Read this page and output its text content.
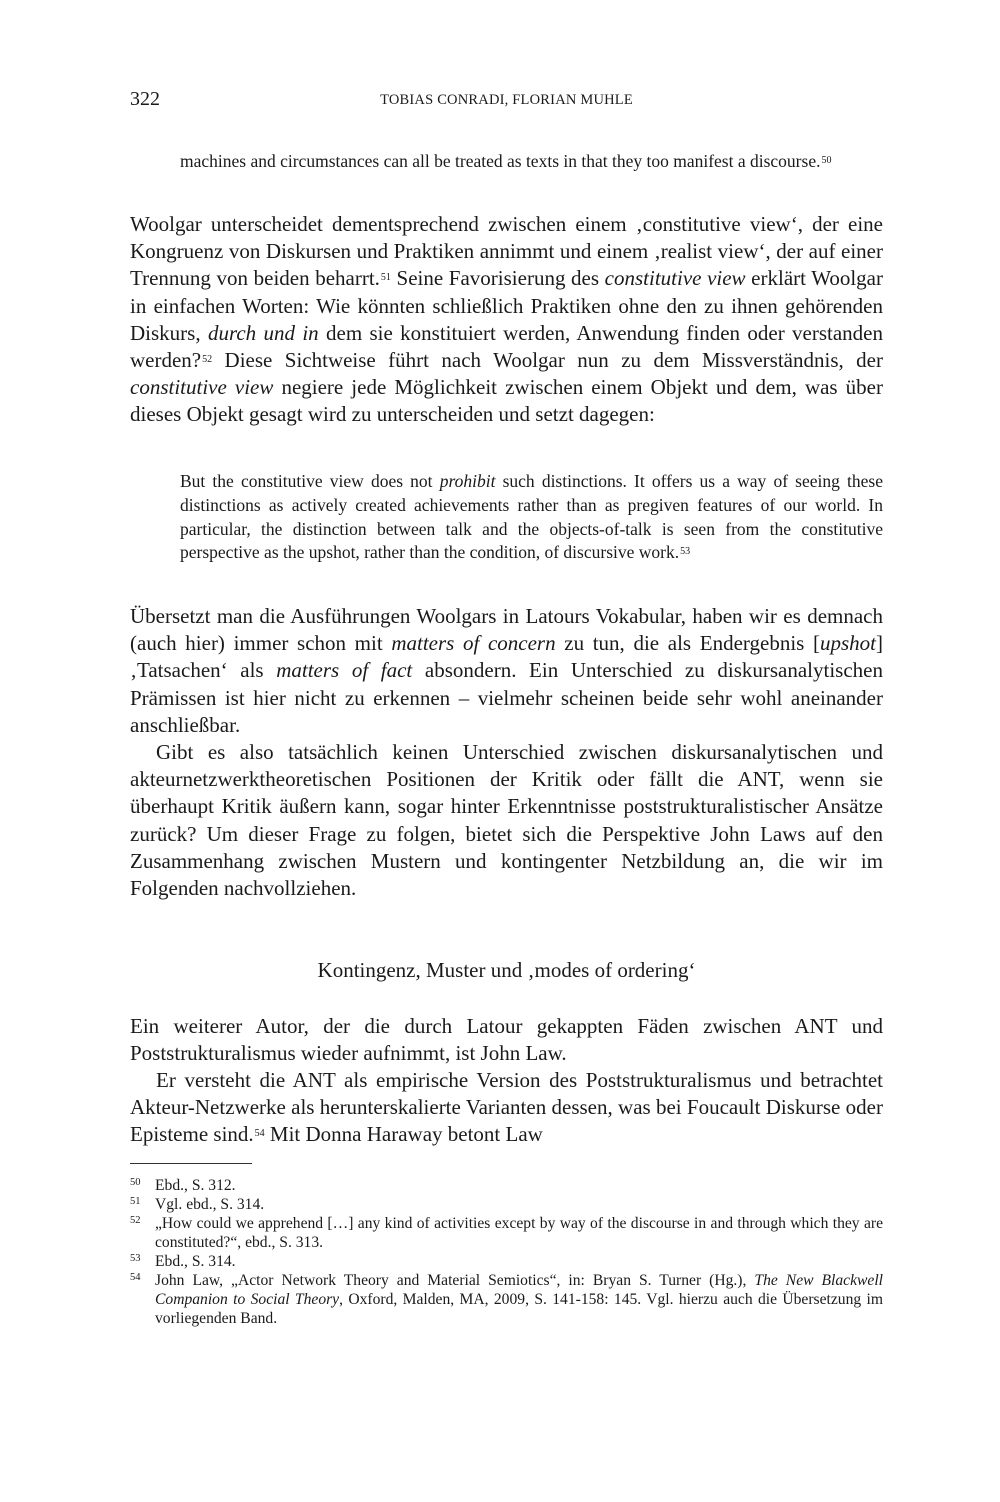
322	TOBIAS CONRADI, FLORIAN MUHLE

machines and circumstances can all be treated as texts in that they too manifest a discourse.$^{50}$

Woolgar unterscheidet dementsprechend zwischen einem ‚constitutive view‘, der eine Kongruenz von Diskursen und Praktiken annimmt und einem ‚realist view‘, der auf einer Trennung von beiden beharrt.$^{51}$ Seine Favorisierung des constitutive view erklärt Woolgar in einfachen Worten: Wie könnten schließlich Praktiken ohne den zu ihnen gehörenden Diskurs, durch und in dem sie konstituiert werden, Anwendung finden oder verstanden werden?$^{52}$ Diese Sichtweise führt nach Woolgar nun zu dem Missverständnis, der constitutive view negiere jede Möglichkeit zwischen einem Objekt und dem, was über dieses Objekt gesagt wird zu unterscheiden und setzt dagegen:

But the constitutive view does not prohibit such distinctions. It offers us a way of seeing these distinctions as actively created achievements rather than as pregiven features of our world. In particular, the distinction between talk and the objects-of-talk is seen from the constitutive perspective as the upshot, rather than the condition, of discursive work.$^{53}$

Übersetzt man die Ausführungen Woolgars in Latours Vokabular, haben wir es demnach (auch hier) immer schon mit matters of concern zu tun, die als Endergebnis [upshot] ‚Tatsachen‘ als matters of fact absondern. Ein Unterschied zu diskursanalytischen Prämissen ist hier nicht zu erkennen – vielmehr scheinen beide sehr wohl aneinander anschließbar.

Gibt es also tatsächlich keinen Unterschied zwischen diskursanalytischen und akteurnetzwerktheoretischen Positionen der Kritik oder fällt die ANT, wenn sie überhaupt Kritik äußern kann, sogar hinter Erkenntnisse poststrukturalistischer Ansätze zurück? Um dieser Frage zu folgen, bietet sich die Perspektive John Laws auf den Zusammenhang zwischen Mustern und kontingenter Netzbildung an, die wir im Folgenden nachvollziehen.

Kontingenz, Muster und ‚modes of ordering‘

Ein weiterer Autor, der die durch Latour gekappten Fäden zwischen ANT und Poststrukturalismus wieder aufnimmt, ist John Law.

Er versteht die ANT als empirische Version des Poststrukturalismus und betrachtet Akteur-Netzwerke als herunterskalierte Varianten dessen, was bei Foucault Diskurse oder Episteme sind.$^{54}$ Mit Donna Haraway betont Law

50 Ebd., S. 312.
51 Vgl. ebd., S. 314.
52 „How could we apprehend […] any kind of activities except by way of the discourse in and through which they are constituted?“, ebd., S. 313.
53 Ebd., S. 314.
54 John Law, „Actor Network Theory and Material Semiotics“, in: Bryan S. Turner (Hg.), The New Blackwell Companion to Social Theory, Oxford, Malden, MA, 2009, S. 141-158: 145. Vgl. hierzu auch die Übersetzung im vorliegenden Band.
